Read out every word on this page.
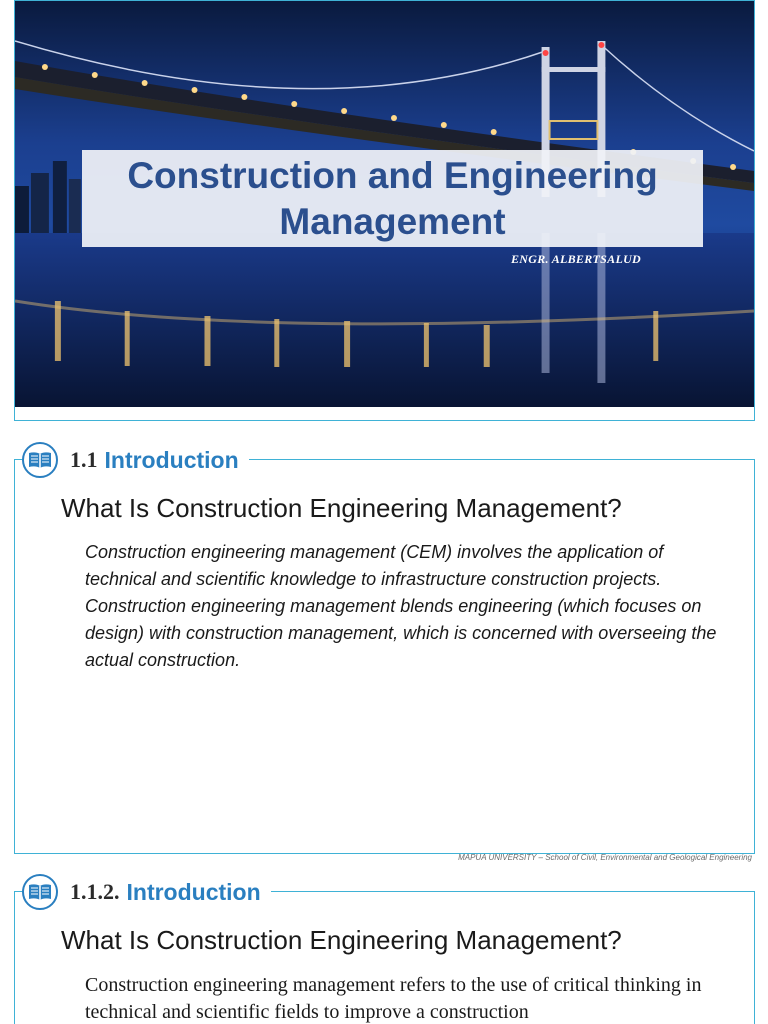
Construction and Engineering Management
ENGR. ALBERTSALUD
1.1 Introduction
What Is Construction Engineering Management?
Construction engineering management (CEM) involves the application of technical and scientific knowledge to infrastructure construction projects. Construction engineering management blends engineering (which focuses on design) with construction management, which is concerned with overseeing the actual construction.
MAPUA UNIVERSITY – School of Civil, Environmental and Geological Engineering
1.1.2. Introduction
What Is Construction Engineering Management?
Construction engineering management refers to the use of critical thinking in technical and scientific fields to improve a construction
